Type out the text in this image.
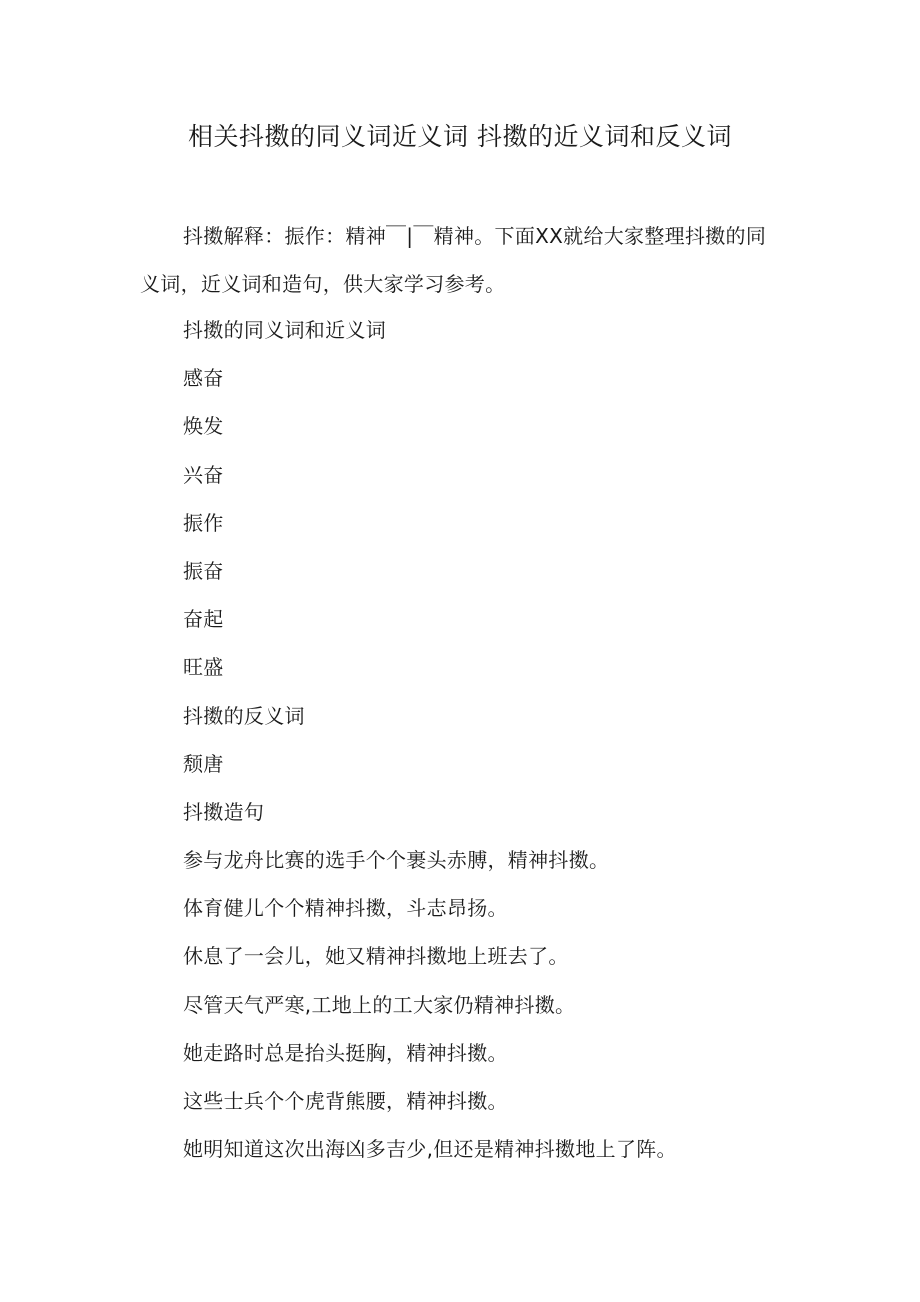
相关抖擞的同义词近义词 抖擞的近义词和反义词

抖擞解释：振作：精神￣|￣精神。下面XX就给大家整理抖擞的同义词，近义词和造句，供大家学习参考。

抖擞的同义词和近义词
感奋
焕发
兴奋
振作
振奋
奋起
旺盛
抖擞的反义词
颓唐
抖擞造句
参与龙舟比赛的选手个个裹头赤膊，精神抖擞。
体育健儿个个精神抖擞，斗志昂扬。
休息了一会儿，她又精神抖擞地上班去了。
尽管天气严寒,工地上的工大家仍精神抖擞。
她走路时总是抬头挺胸，精神抖擞。
这些士兵个个虎背熊腰，精神抖擞。
她明知道这次出海凶多吉少,但还是精神抖擞地上了阵。
